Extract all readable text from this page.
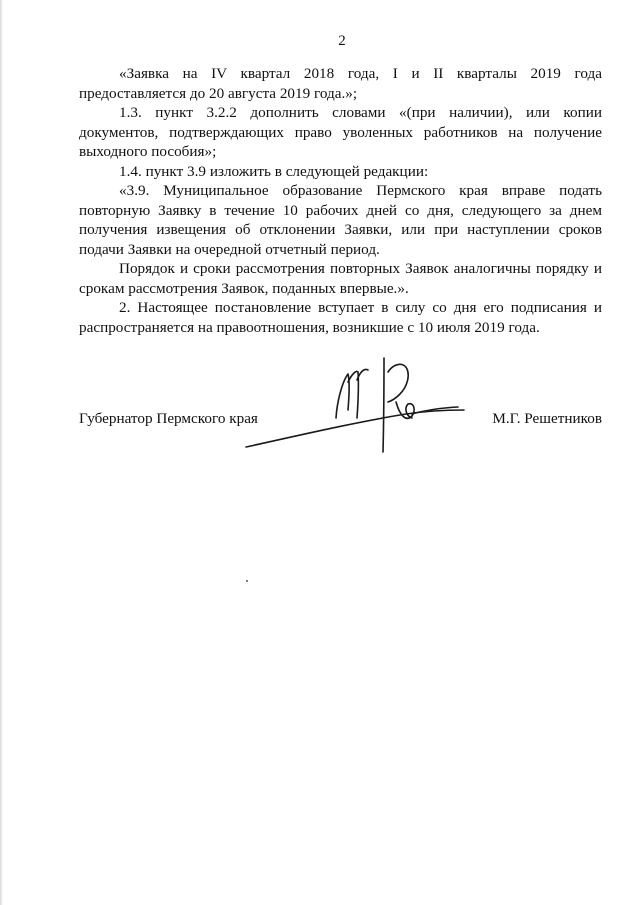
2

«Заявка на IV квартал 2018 года, I и II кварталы 2019 года предоставляется до 20 августа 2019 года.»;

1.3. пункт 3.2.2 дополнить словами «(при наличии), или копии документов, подтверждающих право уволенных работников на получение выходного пособия»;

1.4. пункт 3.9 изложить в следующей редакции:

«3.9. Муниципальное образование Пермского края вправе подать повторную Заявку в течение 10 рабочих дней со дня, следующего за днем получения извещения об отклонении Заявки, или при наступлении сроков подачи Заявки на очередной отчетный период.

Порядок и сроки рассмотрения повторных Заявок аналогичны порядку и срокам рассмотрения Заявок, поданных впервые.».

2. Настоящее постановление вступает в силу со дня его подписания и распространяется на правоотношения, возникшие с 10 июля 2019 года.

Губернатор Пермского края	М.Г. Решетников
